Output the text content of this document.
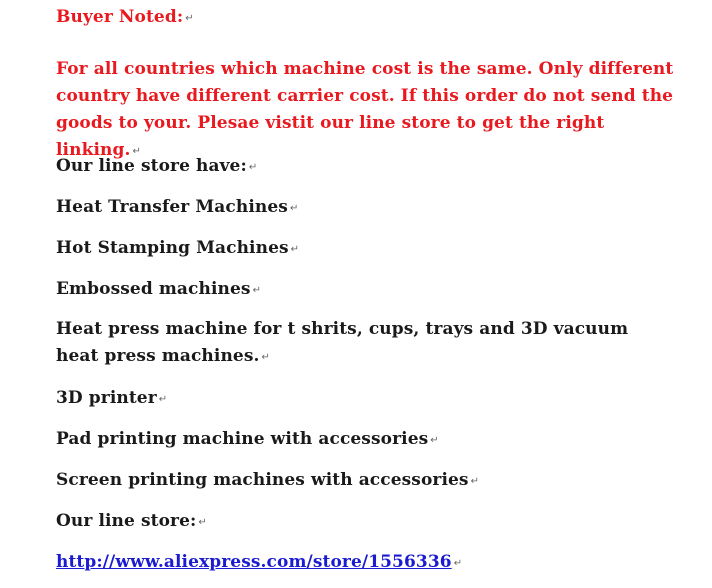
Buyer Noted: ↵

For all countries which machine cost is the same. Only different country have different carrier cost. If this order do not send the goods to your. Plesae vistit our line store to get the right linking. ↵

Our line store have: ↵

Heat Transfer Machines ↵

Hot Stamping Machines ↵

Embossed machines ↵

Heat press machine for t shrits, cups, trays and 3D vacuum heat press machines. ↵

3D printer ↵

Pad printing machine with accessories ↵

Screen printing machines with accessories ↵

Our line store: ↵

http://www.aliexpress.com/store/1556336 ↵
